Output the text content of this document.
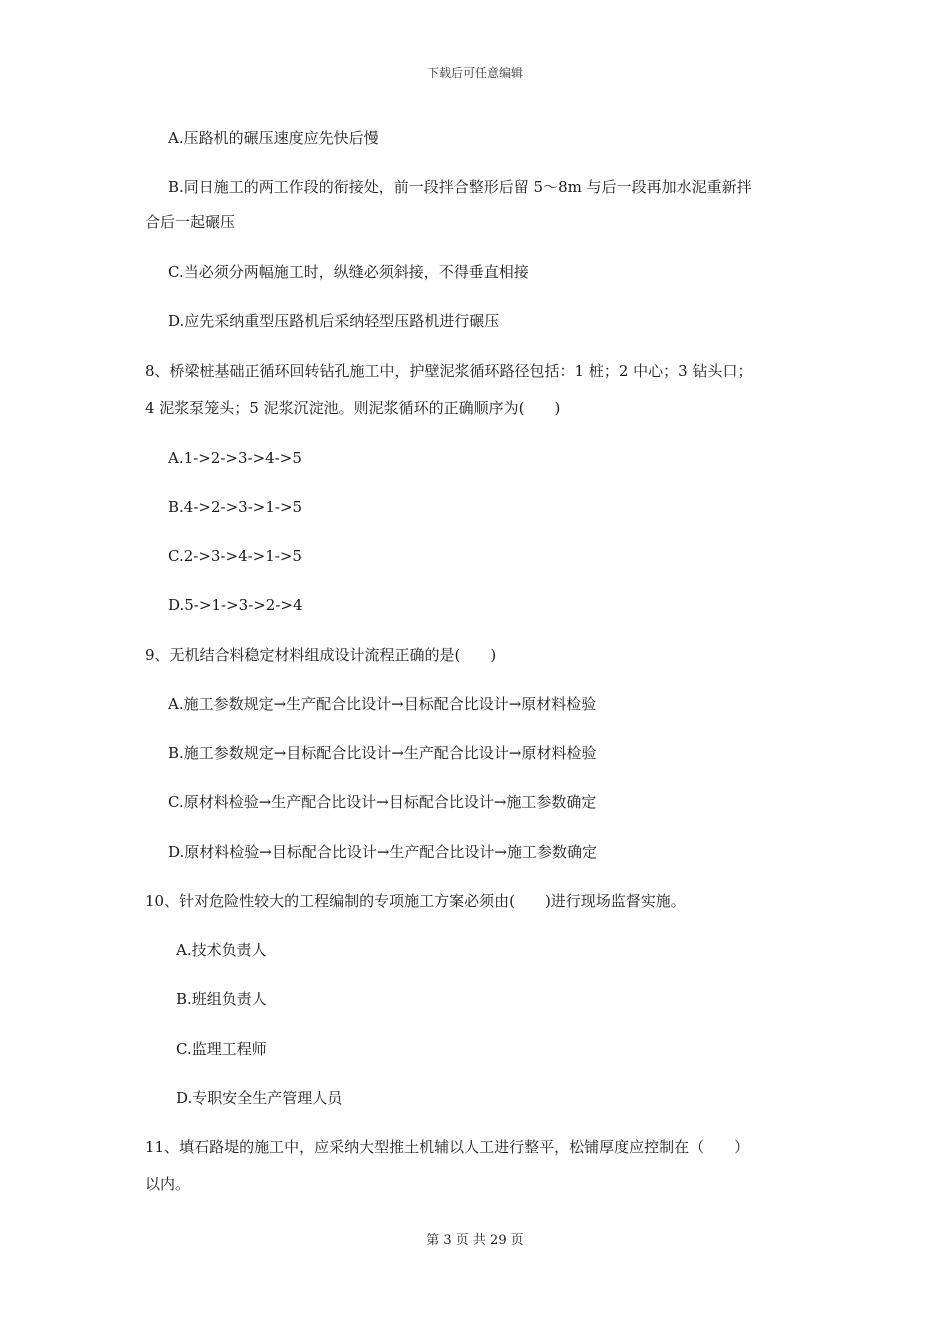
下载后可任意编辑
A.压路机的碾压速度应先快后慢
B.同日施工的两工作段的衔接处，前一段拌合整形后留 5～8m 与后一段再加水泥重新拌
合后一起碾压
C.当必须分两幅施工时，纵缝必须斜接，不得垂直相接
D.应先采纳重型压路机后采纳轻型压路机进行碾压
8、桥梁桩基础正循环回转钻孔施工中，护壁泥浆循环路径包括：1 桩；2 中心；3 钻头口；
4 泥浆泵笼头；5 泥浆沉淀池。则泥浆循环的正确顺序为(　　)
A.1->2->3->4->5
B.4->2->3->1->5
C.2->3->4->1->5
D.5->1->3->2->4
9、无机结合料稳定材料组成设计流程正确的是(　　)
A.施工参数规定→生产配合比设计→目标配合比设计→原材料检验
B.施工参数规定→目标配合比设计→生产配合比设计→原材料检验
C.原材料检验→生产配合比设计→目标配合比设计→施工参数确定
D.原材料检验→目标配合比设计→生产配合比设计→施工参数确定
10、针对危险性较大的工程编制的专项施工方案必须由(　　)进行现场监督实施。
A.技术负责人
B.班组负责人
C.监理工程师
D.专职安全生产管理人员
11、填石路堤的施工中，应采纳大型推土机辅以人工进行整平，松铺厚度应控制在（　　）
以内。
第 3 页 共 29 页
